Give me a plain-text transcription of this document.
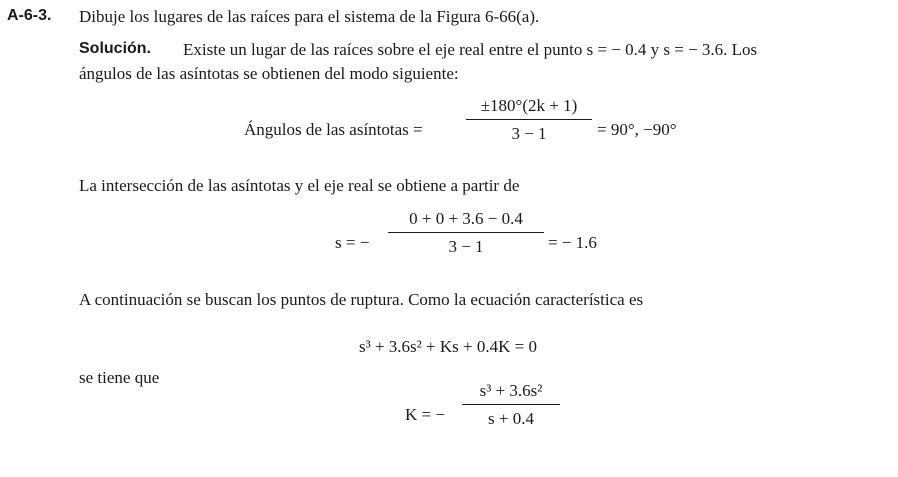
A-6-3. Dibuje los lugares de las raíces para el sistema de la Figura 6-66(a).
Solución. Existe un lugar de las raíces sobre el eje real entre el punto s = − 0.4 y s = − 3.6. Los
ángulos de las asíntotas se obtienen del modo siguiente:
Ángulos de las asíntotas =
±180°(2k + 1)
3 − 1	= 90°, −90°
La intersección de las asíntotas y el eje real se obtiene a partir de
s = −
0 + 0 + 3.6 − 0.4
3 − 1	= − 1.6
A continuación se buscan los puntos de ruptura. Como la ecuación característica es
s³ + 3.6s² + Ks + 0.4K = 0
se tiene que
K = −
s³ + 3.6s²
s + 0.4
